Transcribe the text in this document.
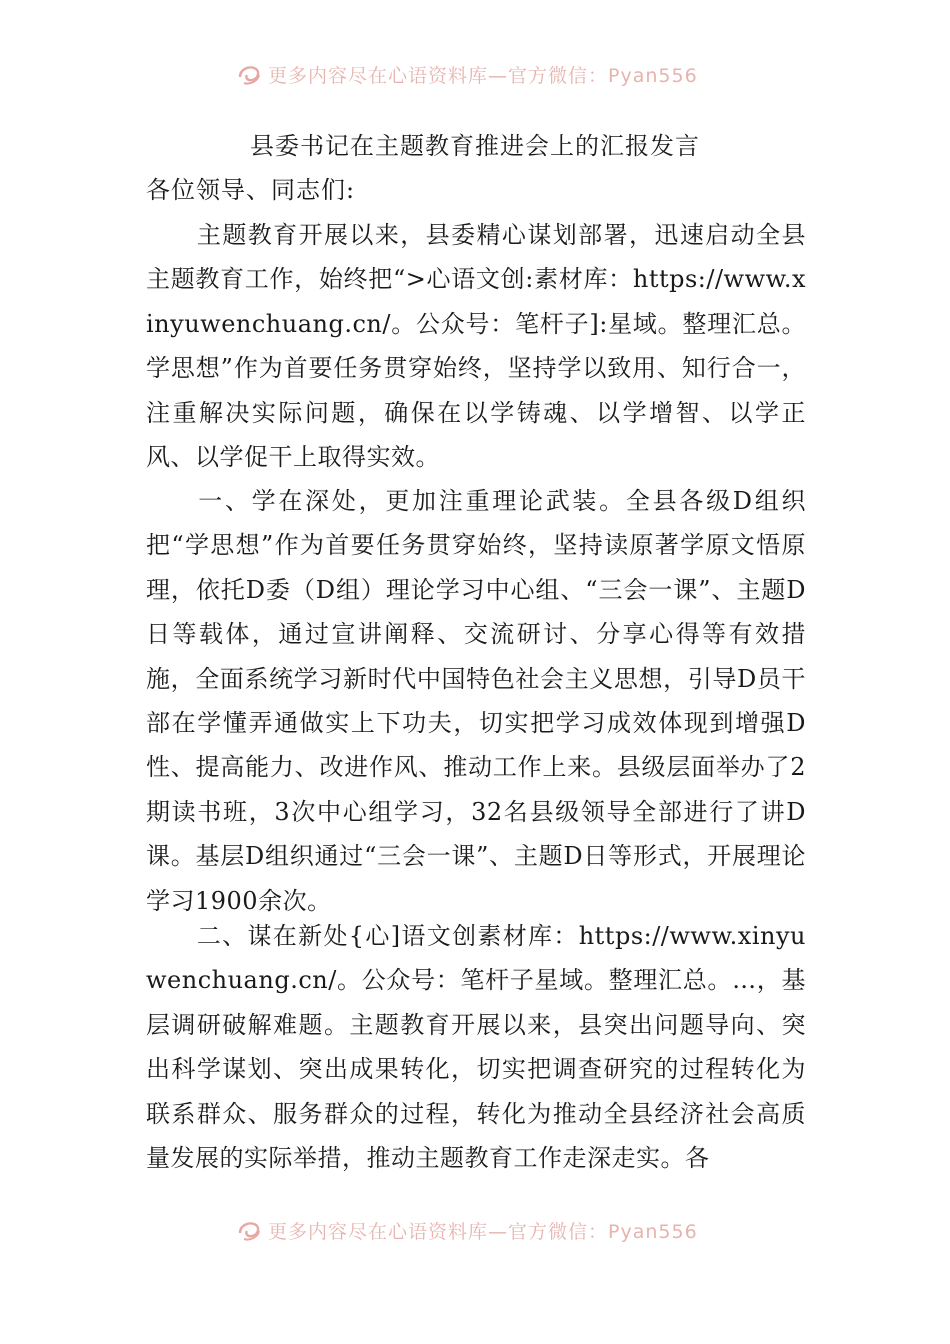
更多内容尽在心语资料库—官方微信：Pyan556
县委书记在主题教育推进会上的汇报发言
各位领导、同志们:
主题教育开展以来，县委精心谋划部署，迅速启动全县主题教育工作，始终把“>心语文创:素材库：https://www.xinyuwenchuang.cn/。公众号：笔杆子]:星域。整理汇总。学思想”作为首要任务贯穿始终，坚持学以致用、知行合一，注重解决实际问题，确保在以学铸魂、以学增智、以学正风、以学促干上取得实效。
一、学在深处，更加注重理论武装。全县各级D组织把“学思想”作为首要任务贯穿始终，坚持读原著学原文悟原理，依托D委（D组）理论学习中心组、“三会一课”、主题D日等载体，通过宣讲阐释、交流研讨、分享心得等有效措施，全面系统学习新时代中国特色社会主义思想，引导D员干部在学懂弄通做实上下功夫，切实把学习成效体现到增强D性、提高能力、改进作风、推动工作上来。县级层面举办了2期读书班，3次中心组学习，32名县级领导全部进行了讲D课。基层D组织通过“三会一课”、主题D日等形式，开展理论学习1900余次。
二、谋在新处{心]语文创素材库：https://www.xinyuwenchuang.cn/。公众号：笔杆子星域。整理汇总。…，基层调研破解难题。主题教育开展以来，县突出问题导向、突出科学谋划、突出成果转化，切实把调查研究的过程转化为联系群众、服务群众的过程，转化为推动全县经济社会高质量发展的实际举措，推动主题教育工作走深走实。各
更多内容尽在心语资料库—官方微信：Pyan556
